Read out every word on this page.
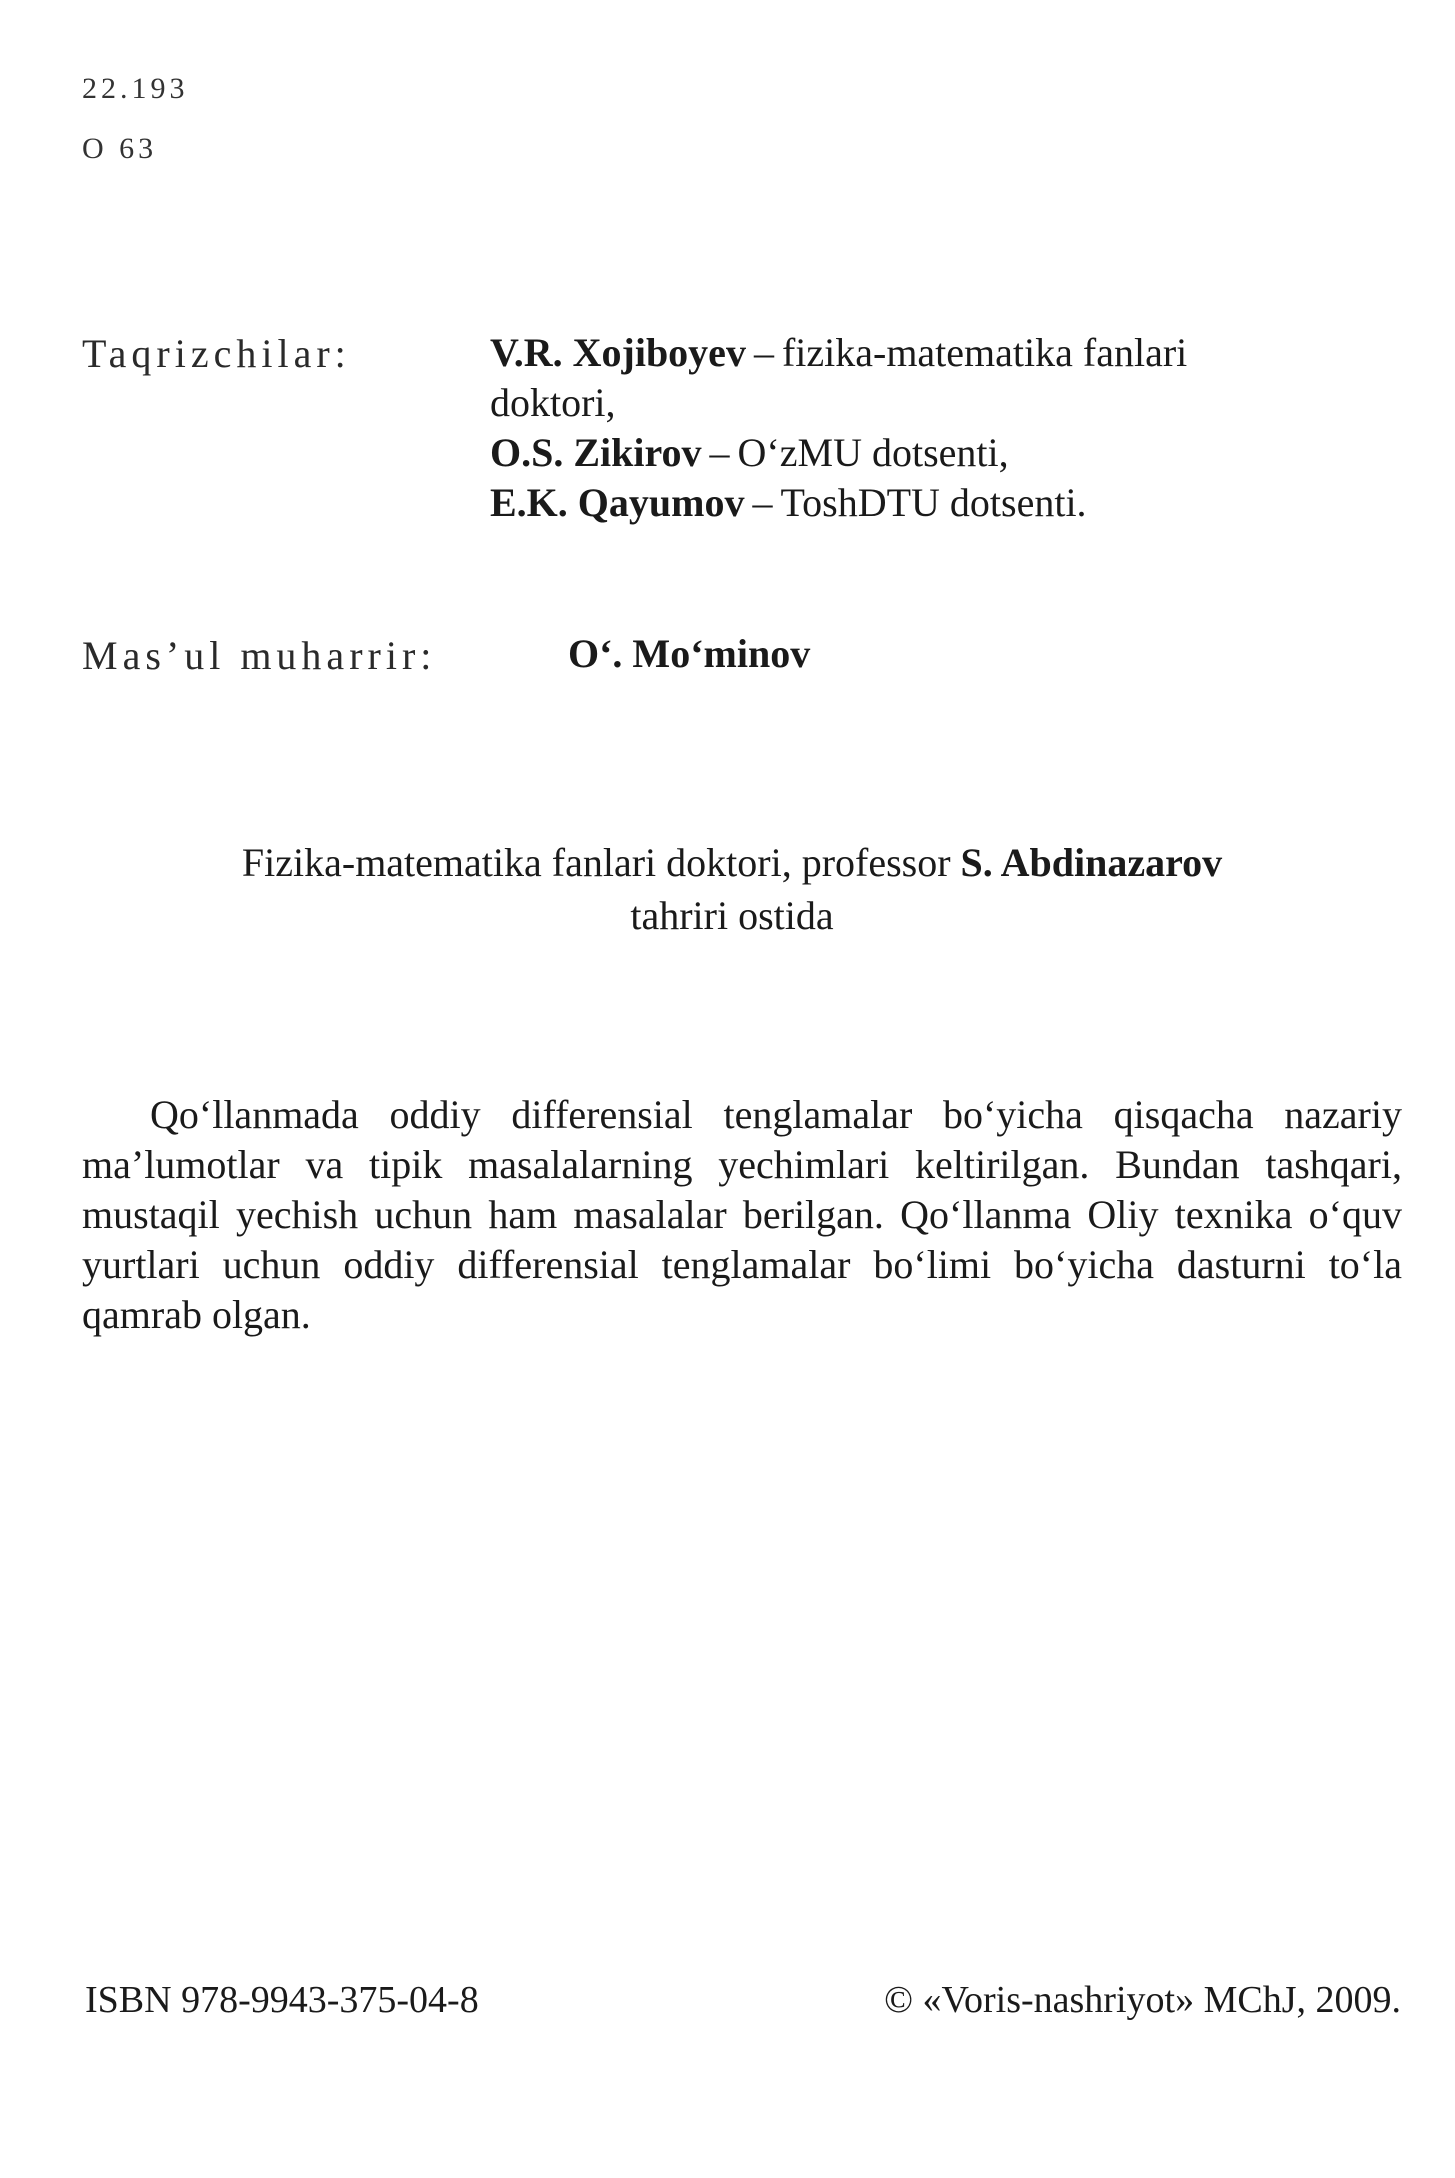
22.193
O 63
Taqrizchilar:	V.R. Xojiboyev – fizika-matematika fanlari
doktori,
O.S. Zikirov – O‘zMU dotsenti,
E.K. Qayumov – ToshDTU dotsenti.
Mas’ul muharrir:	O‘. Mo‘minov
Fizika-matematika fanlari doktori, professor S. Abdinazarov
tahriri ostida

Qo‘llanmada oddiy differensial tenglamalar bo‘yicha qisqacha nazariy ma’lumotlar va tipik masalalarning yechimlari keltirilgan. Bundan tashqari, mustaqil yechish uchun ham masalalar berilgan. Qo‘llanma Oliy texnika o‘quv yurtlari uchun oddiy differensial tenglamalar bo‘limi bo‘yicha dasturni to‘la qamrab olgan.

ISBN 978-9943-375-04-8	© «Voris-nashriyot» MChJ, 2009.
